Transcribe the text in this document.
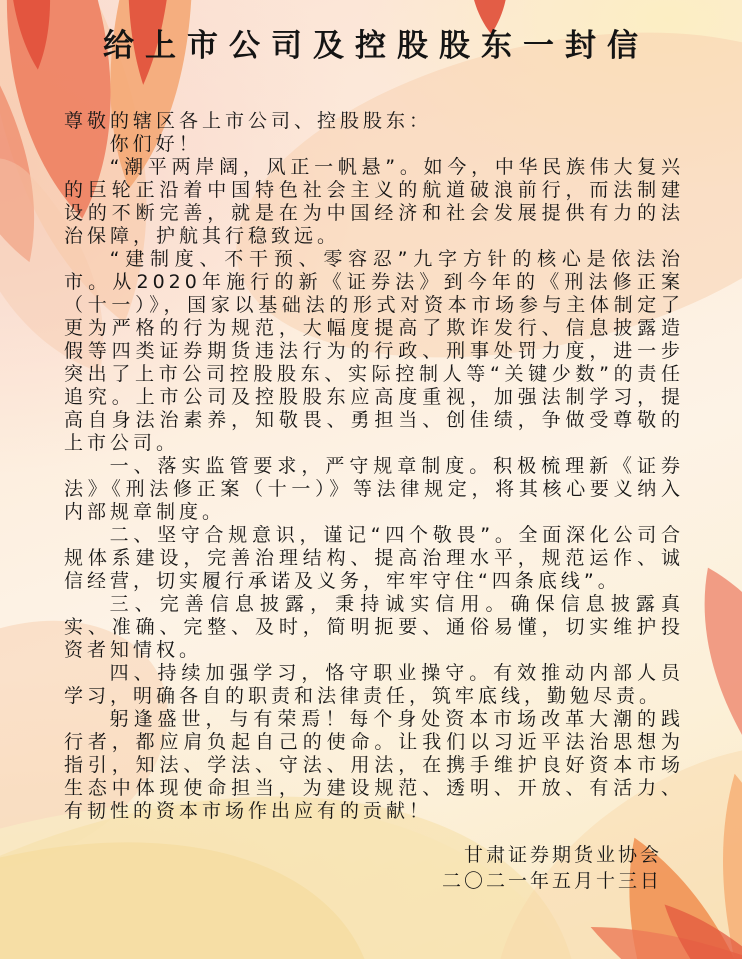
给上市公司及控股股东一封信

尊敬的辖区各上市公司、控股股东：

你们好！

“潮平两岸阔，风正一帆悬”。如今，中华民族伟大复兴的巨轮正沿着中国特色社会主义的航道破浪前行，而法制建设的不断完善，就是在为中国经济和社会发展提供有力的法治保障，护航其行稳致远。

“建制度、不干预、零容忍”九字方针的核心是依法治市。从2020年施行的新《证券法》到今年的《刑法修正案（十一）》，国家以基础法的形式对资本市场参与主体制定了更为严格的行为规范，大幅度提高了欺诈发行、信息披露造假等四类证券期货违法行为的行政、刑事处罚力度，进一步突出了上市公司控股股东、实际控制人等“关键少数”的责任追究。上市公司及控股股东应高度重视，加强法制学习，提高自身法治素养，知敬畏、勇担当、创佳绩，争做受尊敬的上市公司。

一、落实监管要求，严守规章制度。积极梳理新《证券法》《刑法修正案（十一）》等法律规定，将其核心要义纳入内部规章制度。

二、坚守合规意识，谨记“四个敬畏”。全面深化公司合规体系建设，完善治理结构、提高治理水平，规范运作、诚信经营，切实履行承诺及义务，牢牢守住“四条底线”。

三、完善信息披露，秉持诚实信用。确保信息披露真实、准确、完整、及时，简明扼要、通俗易懂，切实维护投资者知情权。

四、持续加强学习，恪守职业操守。有效推动内部人员学习，明确各自的职责和法律责任，筑牢底线，勤勉尽责。

躬逢盛世，与有荣焉！每个身处资本市场改革大潮的践行者，都应肩负起自己的使命。让我们以习近平法治思想为指引，知法、学法、守法、用法，在携手维护良好资本市场生态中体现使命担当，为建设规范、透明、开放、有活力、有韧性的资本市场作出应有的贡献！

甘肃证券期货业协会
二〇二一年五月十三日
